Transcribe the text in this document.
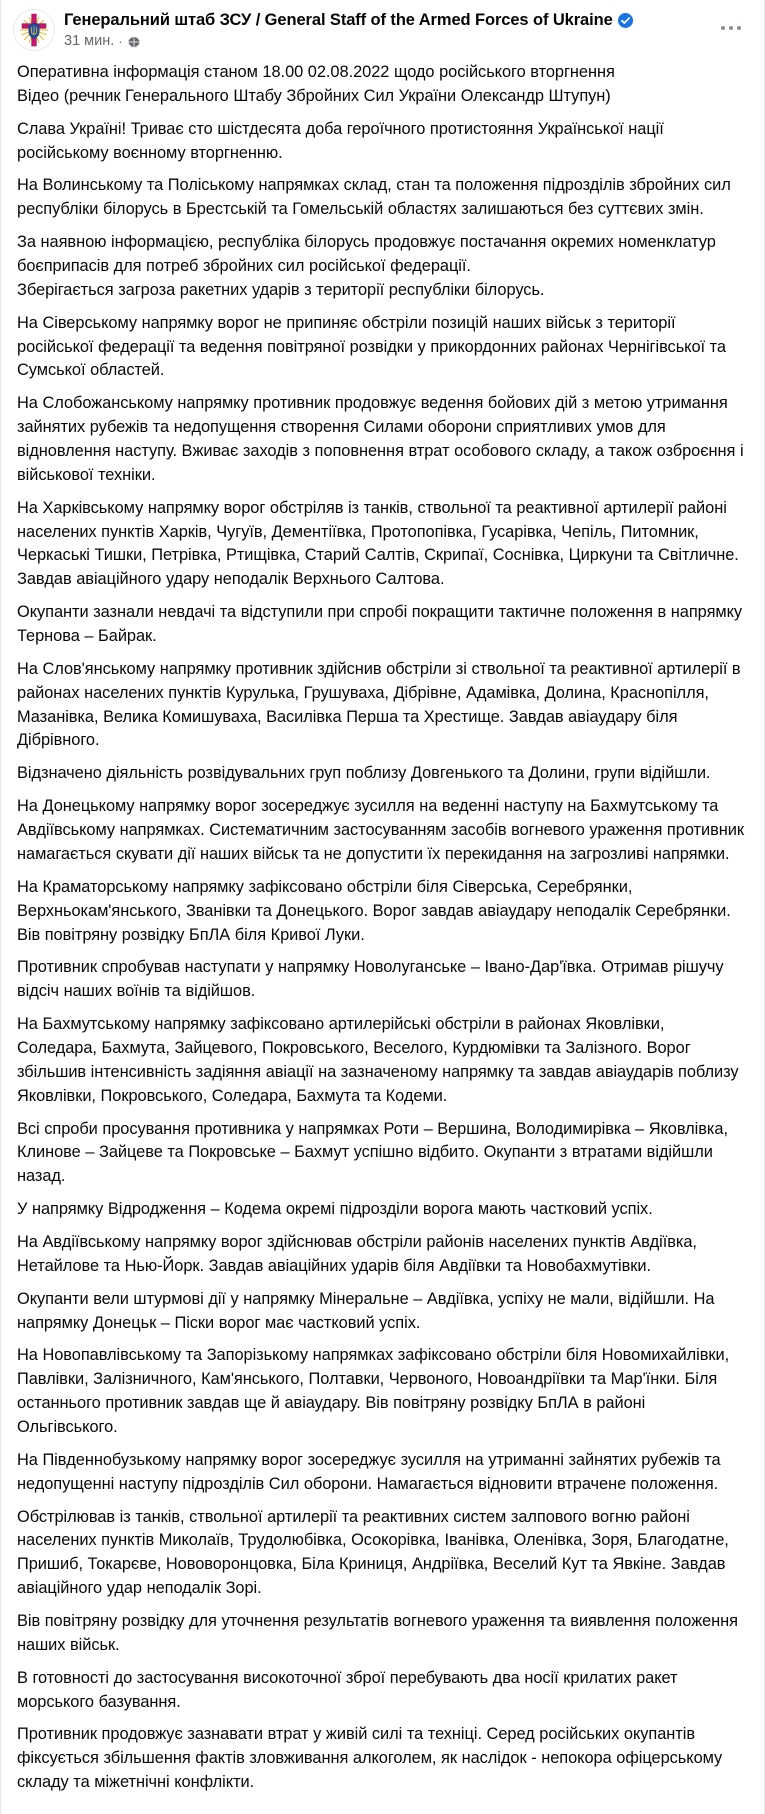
Генеральний штаб ЗСУ / General Staff of the Armed Forces of Ukraine
31 мин. ·

Оперативна інформація станом 18.00 02.08.2022 щодо російського вторгнення

Відео (речник Генерального Штабу Збройних Сил України Олександр Штупун)

Слава Україні! Триває сто шістдесята доба героїчного протистояння Української нації російському воєнному вторгненню.

На Волинському та Поліському напрямках склад, стан та положення підрозділів збройних сил республіки білорусь в Брестській та Гомельській областях залишаються без суттєвих змін.

За наявною інформацією, республіка білорусь продовжує постачання окремих номенклатур боєприпасів для потреб збройних сил російської федерації.

Зберігається загроза ракетних ударів з території республіки білорусь.

На Сіверському напрямку ворог не припиняє обстріли позицій наших військ з території російської федерації та ведення повітряної розвідки у прикордонних районах Чернігівської та Сумської областей.

На Слобожанському напрямку противник продовжує ведення бойових дій з метою утримання зайнятих рубежів та недопущення створення Силами оборони сприятливих умов для відновлення наступу. Вживає заходів з поповнення втрат особового складу, а також озброєння і військової техніки.

На Харківському напрямку ворог обстріляв із танків, ствольної та реактивної артилерії районі населених пунктів Харків, Чугуїв, Дементіївка, Протопопівка, Гусарівка, Чепіль, Питомник, Черкаські Тишки, Петрівка, Ртищівка, Старий Салтів, Скрипаї, Соснівка, Циркуни та Світличне. Завдав авіаційного удару неподалік Верхнього Салтова.

Окупанти зазнали невдачі та відступили при спробі покращити тактичне положення в напрямку Тернова – Байрак.

На Слов'янському напрямку противник здійснив обстріли зі ствольної та реактивної артилерії в районах населених пунктів Курулька, Грушуваха, Дібрівне, Адамівка, Долина, Краснопілля, Мазанівка, Велика Комишуваха, Василівка Перша та Хрестище. Завдав авіаудару біля Дібрівного.

Відзначено діяльність розвідувальних груп поблизу Довгенького та Долини, групи відійшли.

На Донецькому напрямку ворог зосереджує зусилля на веденні наступу на Бахмутському та Авдіївському напрямках. Систематичним застосуванням засобів вогневого ураження противник намагається скувати дії наших військ та не допустити їх перекидання на загрозливі напрямки.

На Краматорському напрямку зафіксовано обстріли біля Сіверська, Серебрянки, Верхньокам'янського, Званівки та Донецького. Ворог завдав авіаудару неподалік Серебрянки. Вів повітряну розвідку БпЛА біля Кривої Луки.

Противник спробував наступати у напрямку Новолуганське – Івано-Дар'ївка. Отримав рішучу відсіч наших воїнів та відійшов.

На Бахмутському напрямку зафіксовано артилерійські обстріли в районах Яковлівки, Соледара, Бахмута, Зайцевого, Покровського, Веселого, Курдюмівки та Залізного. Ворог збільшив інтенсивність задіяння авіації на зазначеному напрямку та завдав авіаударів поблизу Яковлівки, Покровського, Соледара, Бахмута та Кодеми.

Всі спроби просування противника у напрямках Роти – Вершина, Володимирівка – Яковлівка, Клинове – Зайцеве та Покровське – Бахмут успішно відбито. Окупанти з втратами відійшли назад.

У напрямку Відродження – Кодема окремі підрозділи ворога мають частковий успіх.

На Авдіївському напрямку ворог здійснював обстріли районів населених пунктів Авдіївка, Нетайлове та Нью-Йорк. Завдав авіаційних ударів біля Авдіївки та Новобахмутівки.

Окупанти вели штурмові дії у напрямку Мінеральне – Авдіївка, успіху не мали, відійшли. На напрямку Донецьк – Піски ворог має частковий успіх.

На Новопавлівському та Запорізькому напрямках зафіксовано обстріли біля Новомихайлівки, Павлівки, Залізничного, Кам'янського, Полтавки, Червоного, Новоандріївки та Мар'їнки. Біля останнього противник завдав ще й авіаудару. Вів повітряну розвідку БпЛА в районі Ольгівського.

На Південнобузькому напрямку ворог зосереджує зусилля на утриманні зайнятих рубежів та недопущенні наступу підрозділів Сил оборони. Намагається відновити втрачене положення.

Обстрілював із танків, ствольної артилерії та реактивних систем залпового вогню районі населених пунктів Миколаїв, Трудолюбівка, Осокорівка, Іванівка, Оленівка, Зоря, Благодатне, Пришиб, Токарєве, Нововоронцовка, Біла Криниця, Андріївка, Веселий Кут та Явкіне. Завдав авіаційного удар неподалік Зорі.

Вів повітряну розвідку для уточнення результатів вогневого ураження та виявлення положення наших військ.

В готовності до застосування високоточної зброї перебувають два носії крилатих ракет морського базування.

Противник продовжує зазнавати втрат у живій силі та техніці. Серед російських окупантів фіксується збільшення фактів зловживання алкоголем, як наслідок - непокора офіцерському складу та міжетнічні конфлікти.
